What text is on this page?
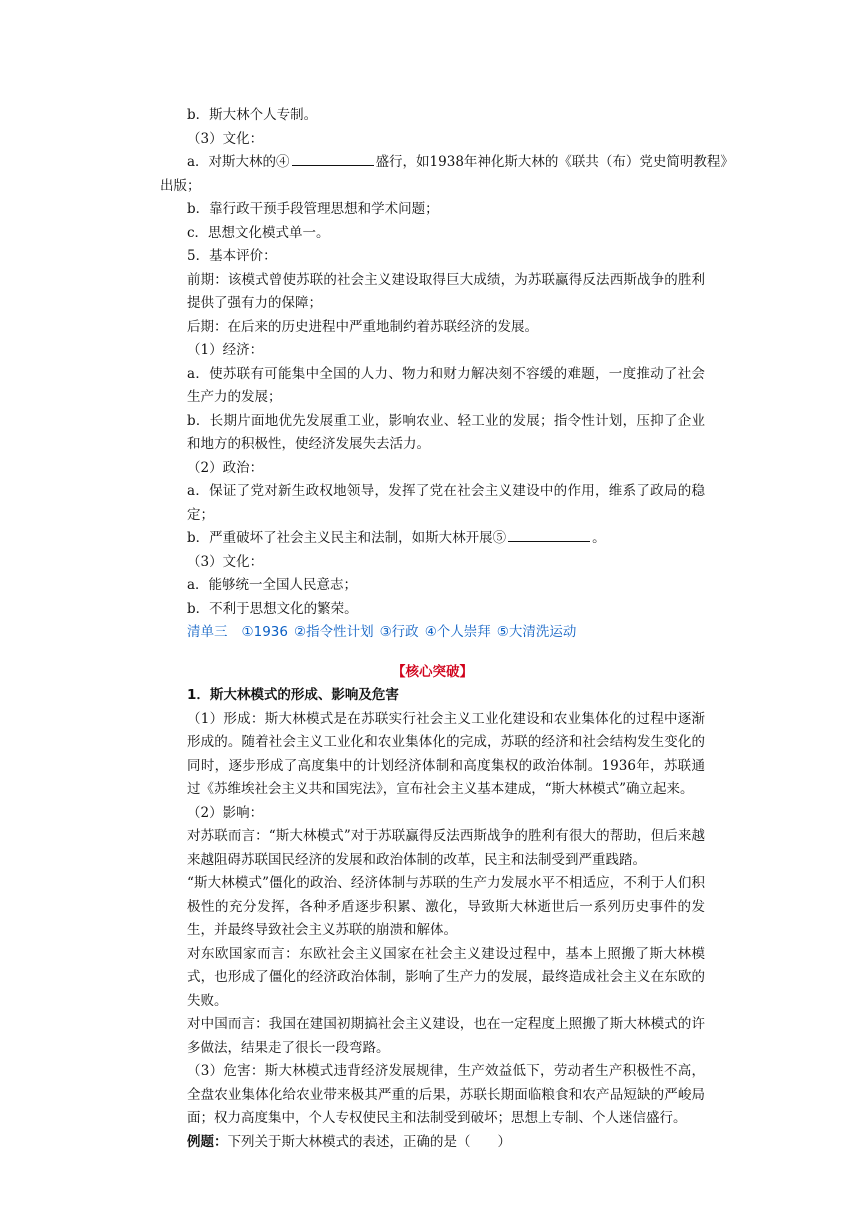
b．斯大林个人专制。
（3）文化：
a．对斯大林的④	盛行，如1938年神化斯大林的《联共（布）党史简明教程》
出版；
b．靠行政干预手段管理思想和学术问题；
c．思想文化模式单一。
5．基本评价：
前期：该模式曾使苏联的社会主义建设取得巨大成绩，为苏联赢得反法西斯战争的胜利提供了强有力的保障；
后期：在后来的历史进程中严重地制约着苏联经济的发展。
（1）经济：
a．使苏联有可能集中全国的人力、物力和财力解决刻不容缓的难题，一度推动了社会生产力的发展；
b．长期片面地优先发展重工业，影响农业、轻工业的发展；指令性计划，压抑了企业和地方的积极性，使经济发展失去活力。
（2）政治：
a．保证了党对新生政权地领导，发挥了党在社会主义建设中的作用，维系了政局的稳定；
b．严重破坏了社会主义民主和法制，如斯大林开展⑤	。
（3）文化：
a．能够统一全国人民意志；
b．不利于思想文化的繁荣。
清单三 ①1936 ②指令性计划 ③行政 ④个人崇拜 ⑤大清洗运动
【核心突破】
1．斯大林模式的形成、影响及危害
（1）形成：斯大林模式是在苏联实行社会主义工业化建设和农业集体化的过程中逐渐形成的。随着社会主义工业化和农业集体化的完成，苏联的经济和社会结构发生变化的同时，逐步形成了高度集中的计划经济体制和高度集权的政治体制。1936年，苏联通过《苏维埃社会主义共和国宪法》，宣布社会主义基本建成，“斯大林模式”确立起来。
（2）影响：
对苏联而言：“斯大林模式”对于苏联赢得反法西斯战争的胜利有很大的帮助，但后来越来越阻碍苏联国民经济的发展和政治体制的改革，民主和法制受到严重践踏。
“斯大林模式”僵化的政治、经济体制与苏联的生产力发展水平不相适应，不利于人们积极性的充分发挥，各种矛盾逐步积累、激化，导致斯大林逝世后一系列历史事件的发生，并最终导致社会主义苏联的崩溃和解体。
对东欧国家而言：东欧社会主义国家在社会主义建设过程中，基本上照搬了斯大林模式，也形成了僵化的经济政治体制，影响了生产力的发展，最终造成社会主义在东欧的失败。
对中国而言：我国在建国初期搞社会主义建设，也在一定程度上照搬了斯大林模式的许多做法，结果走了很长一段弯路。
（3）危害：斯大林模式违背经济发展规律，生产效益低下，劳动者生产积极性不高，全盘农业集体化给农业带来极其严重的后果，苏联长期面临粮食和农产品短缺的严峻局面；权力高度集中，个人专权使民主和法制受到破坏；思想上专制、个人迷信盛行。
例题：下列关于斯大林模式的表述，正确的是（　　）
